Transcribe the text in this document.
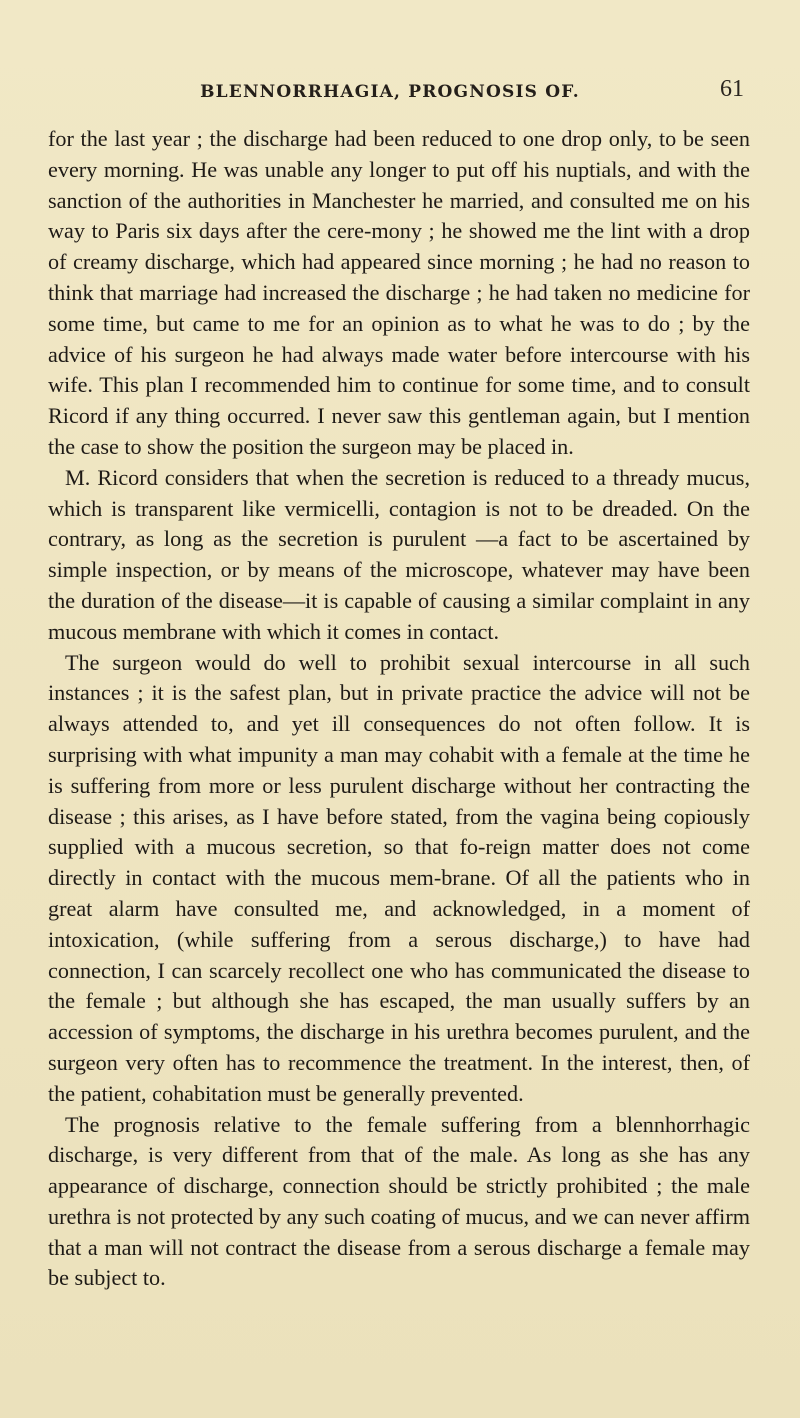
BLENNORRHAGIA, PROGNOSIS OF.	61

for the last year ; the discharge had been reduced to one drop only, to be seen every morning. He was unable any longer to put off his nuptials, and with the sanction of the authorities in Manchester he married, and consulted me on his way to Paris six days after the cere-mony ; he showed me the lint with a drop of creamy discharge, which had appeared since morning ; he had no reason to think that marriage had increased the discharge ; he had taken no medicine for some time, but came to me for an opinion as to what he was to do ; by the advice of his surgeon he had always made water before intercourse with his wife. This plan I recommended him to continue for some time, and to consult Ricord if any thing occurred. I never saw this gentleman again, but I mention the case to show the position the surgeon may be placed in.

M. Ricord considers that when the secretion is reduced to a thready mucus, which is transparent like vermicelli, contagion is not to be dreaded. On the contrary, as long as the secretion is purulent —a fact to be ascertained by simple inspection, or by means of the microscope, whatever may have been the duration of the disease—it is capable of causing a similar complaint in any mucous membrane with which it comes in contact.

The surgeon would do well to prohibit sexual intercourse in all such instances ; it is the safest plan, but in private practice the advice will not be always attended to, and yet ill consequences do not often follow. It is surprising with what impunity a man may cohabit with a female at the time he is suffering from more or less purulent discharge without her contracting the disease ; this arises, as I have before stated, from the vagina being copiously supplied with a mucous secretion, so that fo-reign matter does not come directly in contact with the mucous mem-brane. Of all the patients who in great alarm have consulted me, and acknowledged, in a moment of intoxication, (while suffering from a serous discharge,) to have had connection, I can scarcely recollect one who has communicated the disease to the female ; but although she has escaped, the man usually suffers by an accession of symptoms, the discharge in his urethra becomes purulent, and the surgeon very often has to recommence the treatment. In the interest, then, of the patient, cohabitation must be generally prevented.

The prognosis relative to the female suffering from a blennhorrhagic discharge, is very different from that of the male. As long as she has any appearance of discharge, connection should be strictly prohibited ; the male urethra is not protected by any such coating of mucus, and we can never affirm that a man will not contract the disease from a serous discharge a female may be subject to.
